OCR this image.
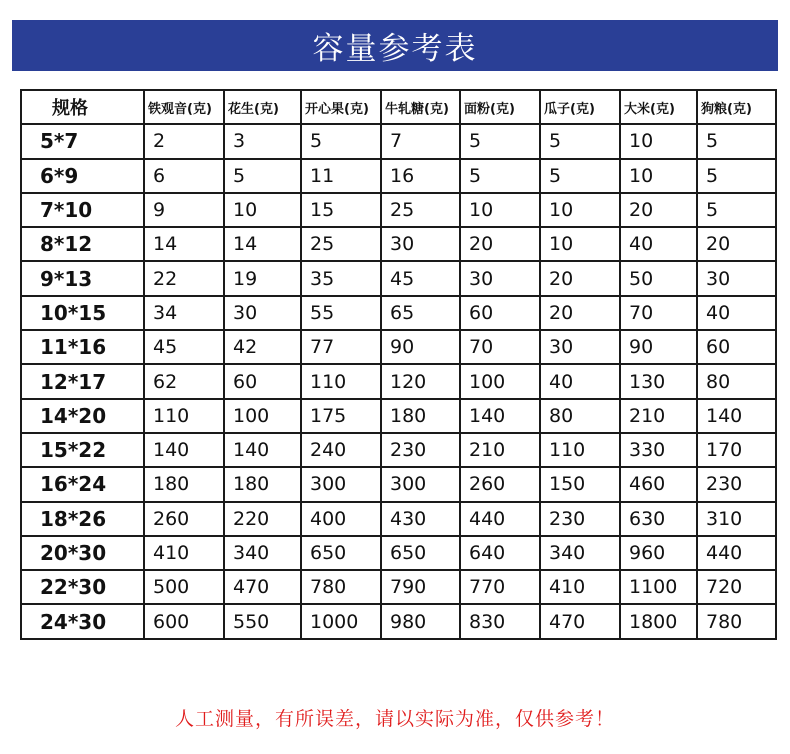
容量参考表
规格	铁观音(克)	花生(克)	开心果(克)	牛轧糖(克)	面粉(克)	瓜子(克)	大米(克)	狗粮(克)
5*7	2	3	5	7	5	5	10	5
6*9	6	5	11	16	5	5	10	5
7*10	9	10	15	25	10	10	20	5
8*12	14	14	25	30	20	10	40	20
9*13	22	19	35	45	30	20	50	30
10*15	34	30	55	65	60	20	70	40
11*16	45	42	77	90	70	30	90	60
12*17	62	60	110	120	100	40	130	80
14*20	110	100	175	180	140	80	210	140
15*22	140	140	240	230	210	110	330	170
16*24	180	180	300	300	260	150	460	230
18*26	260	220	400	430	440	230	630	310
20*30	410	340	650	650	640	340	960	440
22*30	500	470	780	790	770	410	1100	720
24*30	600	550	1000	980	830	470	1800	780
人工测量，有所误差，请以实际为准，仅供参考！
